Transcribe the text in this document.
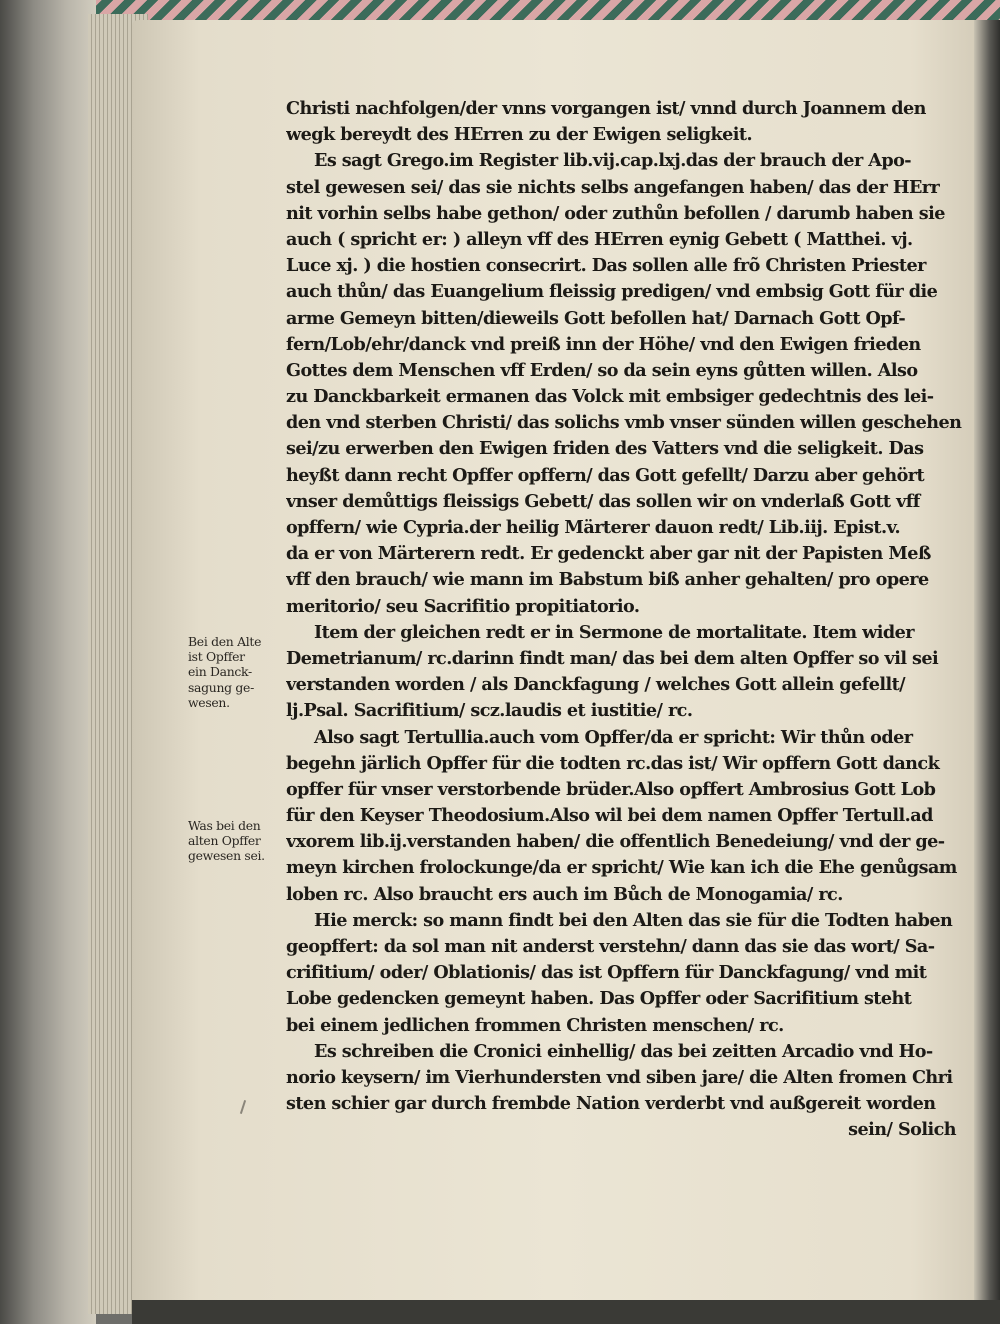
Christi nachfolgen/der vnns vorgangen ist/ vnnd durch Joannem den
wegk bereydt des HErren zu der Ewigen seligkeit.
Es sagt Grego.im Register lib.vij.cap.lxj.das der brauch der Apo-
stel gewesen sei/ das sie nichts selbs angefangen haben/ das der HErr
nit vorhin selbs habe gethon/ oder zuthůn befollen / darumb haben sie
auch ( spricht er: ) alleyn vff des HErren eynig Gebett ( Matthei. vj.
Luce xj. ) die hostien consecrirt. Das sollen alle frõ Christen Priester
auch thůn/ das Euangelium fleissig predigen/ vnd embsig Gott für die
arme Gemeyn bitten/dieweils Gott befollen hat/ Darnach Gott Opf-
fern/Lob/ehr/danck vnd preiß inn der Höhe/ vnd den Ewigen frieden
Gottes dem Menschen vff Erden/ so da sein eyns gůtten willen. Also
zu Danckbarkeit ermanen das Volck mit embsiger gedechtnis des lei-
den vnd sterben Christi/ das solichs vmb vnser sünden willen geschehen
sei/zu erwerben den Ewigen friden des Vatters vnd die seligkeit. Das
heyßt dann recht Opffer opffern/ das Gott gefellt/ Darzu aber gehört
vnser demůttigs fleissigs Gebett/ das sollen wir on vnderlaß Gott vff
opffern/ wie Cypria.der heilig Märterer dauon redt/ Lib.iij. Epist.v.
da er von Märterern redt. Er gedenckt aber gar nit der Papisten Meß
vff den brauch/ wie mann im Babstum biß anher gehalten/ pro opere
meritorio/ seu Sacrifitio propitiatorio.
Item der gleichen redt er in Sermone de mortalitate. Item wider
Demetrianum/ rc.darinn findt man/ das bei dem alten Opffer so vil sei
verstanden worden / als Danckfagung / welches Gott allein gefellt/
lj.Psal. Sacrifitium/ scz.laudis et iustitie/ rc.
Also sagt Tertullia.auch vom Opffer/da er spricht: Wir thůn oder
begehn järlich Opffer für die todten rc.das ist/ Wir opffern Gott danck
opffer für vnser verstorbende brüder.Also opffert Ambrosius Gott Lob
für den Keyser Theodosium.Also wil bei dem namen Opffer Tertull.ad
vxorem lib.ij.verstanden haben/ die offentlich Benedeiung/ vnd der ge-
meyn kirchen frolockunge/da er spricht/ Wie kan ich die Ehe genůgsam
loben rc. Also braucht ers auch im Bůch de Monogamia/ rc.
Hie merck: so mann findt bei den Alten das sie für die Todten haben
geopffert: da sol man nit anderst verstehn/ dann das sie das wort/ Sa-
crifitium/ oder/ Oblationis/ das ist Opffern für Danckfagung/ vnd mit
Lobe gedencken gemeynt haben. Das Opffer oder Sacrifitium steht
bei einem jedlichen frommen Christen menschen/ rc.
Es schreiben die Cronici einhellig/ das bei zeitten Arcadio vnd Ho-
norio keysern/ im Vierhundersten vnd siben jare/ die Alten fromen Chri
sten schier gar durch frembde Nation verderbt vnd außgereit worden
sein/ Solich
Bei den Alte
ist Opffer
ein Danck-
sagung ge-
wesen.
Was bei den
alten Opffer
gewesen sei.
